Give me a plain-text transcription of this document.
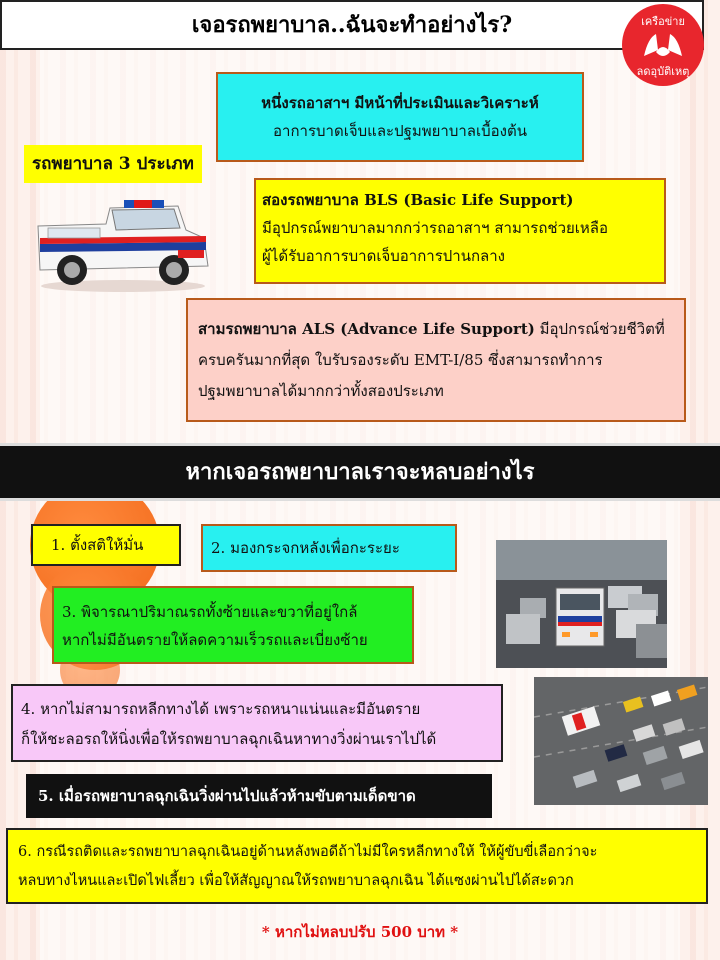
เจอรถพยาบาล..ฉันจะทำอย่างไร?	เครือข่าย
ลดอุบัติเหตุ
รถพยาบาล 3 ประเภท
หนึ่งรถอาสาฯ มีหน้าที่ประเมินและวิเคราะห์
อาการบาดเจ็บและปฐมพยาบาลเบื้องต้น
สองรถพยาบาล BLS (Basic Life Support)
มีอุปกรณ์พยาบาลมากกว่ารถอาสาฯ สามารถช่วยเหลือ
ผู้ได้รับอาการบาดเจ็บอาการปานกลาง
สามรถพยาบาล ALS (Advance Life Support) มีอุปกรณ์ช่วยชีวิตที่
ครบครันมากที่สุด ใบรับรองระดับ EMT-I/85 ซึ่งสามารถทำการ
ปฐมพยาบาลได้มากกว่าทั้งสองประเภท
หากเจอรถพยาบาลเราจะหลบอย่างไร
1. ตั้งสติให้มั่น	2. มองกระจกหลังเพื่อกะระยะ
3. พิจารณาปริมาณรถทั้งซ้ายและขวาที่อยู่ใกล้
หากไม่มีอันตรายให้ลดความเร็วรถและเบี่ยงซ้าย
4. หากไม่สามารถหลีกทางได้ เพราะรถหนาแน่นและมีอันตราย
ก็ให้ชะลอรถให้นิ่งเพื่อให้รถพยาบาลฉุกเฉินหาทางวิ่งผ่านเราไปได้
5. เมื่อรถพยาบาลฉุกเฉินวิ่งผ่านไปแล้วห้ามขับตามเด็ดขาด
6. กรณีรถติดและรถพยาบาลฉุกเฉินอยู่ด้านหลังพอดีถ้าไม่มีใครหลีกทางให้ ให้ผู้ขับขี่เลือกว่าจะ
หลบทางไหนและเปิดไฟเลี้ยว เพื่อให้สัญญาณให้รถพยาบาลฉุกเฉิน ได้แซงผ่านไปได้สะดวก
* หากไม่หลบปรับ 500 บาท *
